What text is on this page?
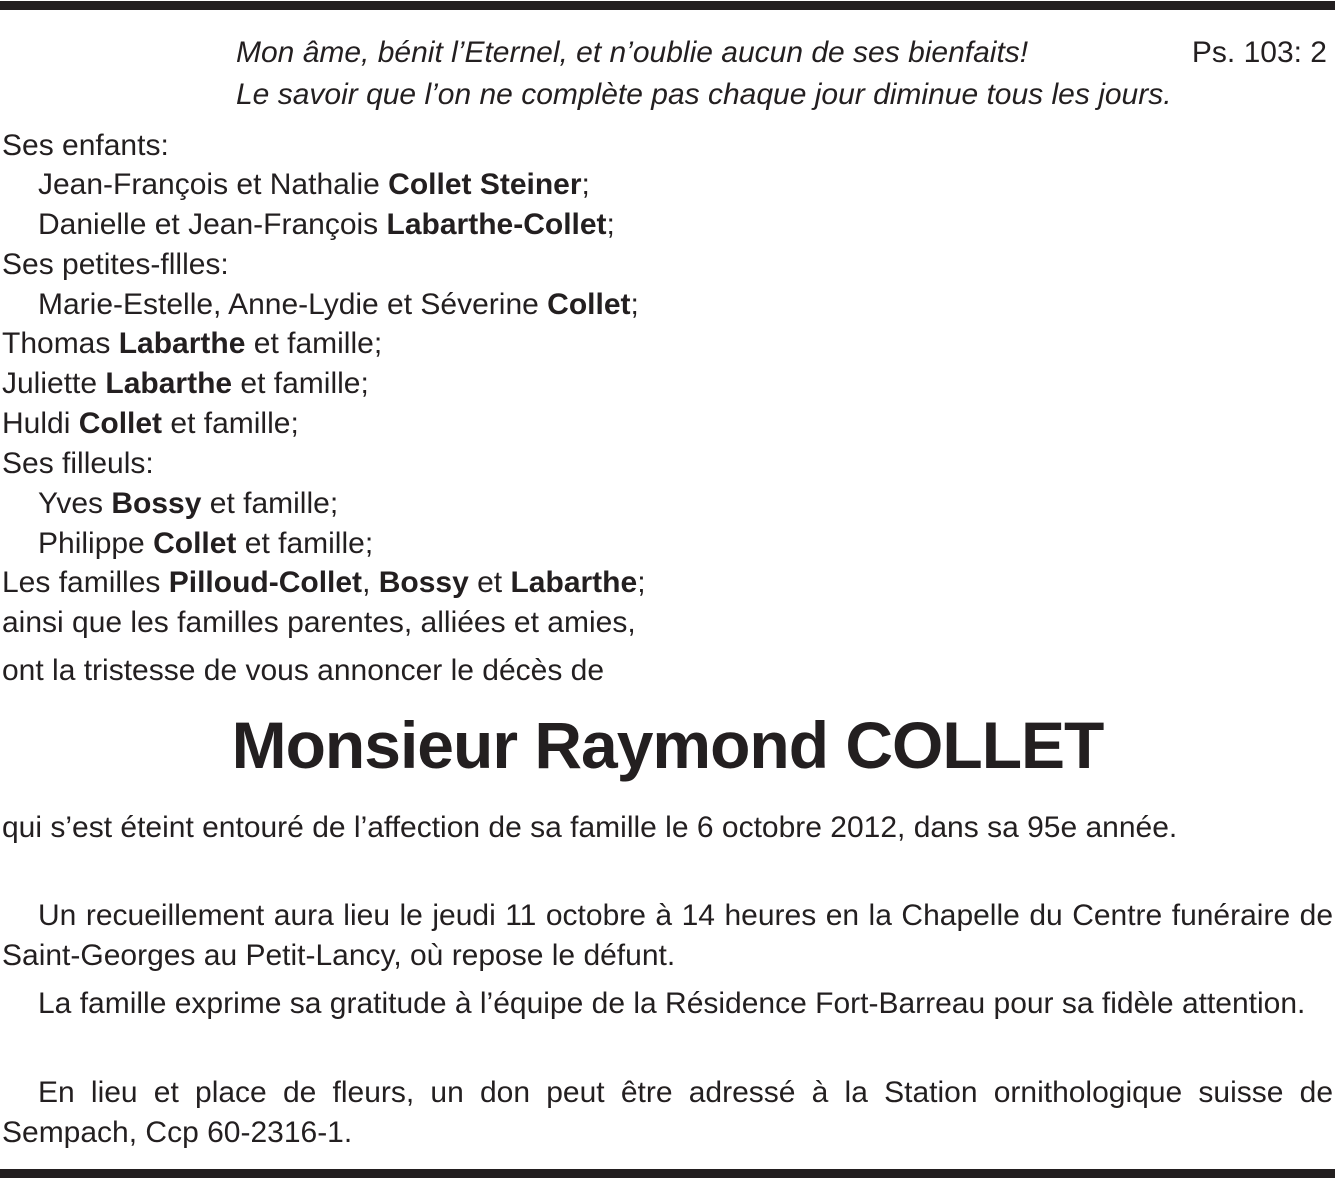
Mon âme, bénit l’Eternel, et n’oublie aucun de ses bienfaits!	Ps. 103: 2
Le savoir que l’on ne complète pas chaque jour diminue tous les jours.
Ses enfants:
Jean-François et Nathalie Collet Steiner;
Danielle et Jean-François Labarthe-Collet;
Ses petites-fllles:
Marie-Estelle, Anne-Lydie et Séverine Collet;
Thomas Labarthe et famille;
Juliette Labarthe et famille;
Huldi Collet et famille;
Ses filleuls:
Yves Bossy et famille;
Philippe Collet et famille;
Les familles Pilloud-Collet, Bossy et Labarthe;
ainsi que les familles parentes, alliées et amies,
ont la tristesse de vous annoncer le décès de
Monsieur Raymond COLLET
qui s’est éteint entouré de l’affection de sa famille le 6 octobre 2012, dans sa 95e année.
Un recueillement aura lieu le jeudi 11 octobre à 14 heures en la Chapelle du Centre funéraire de Saint-Georges au Petit-Lancy, où repose le défunt.
La famille exprime sa gratitude à l’équipe de la Résidence Fort-Barreau pour sa fidèle attention.
En lieu et place de fleurs, un don peut être adressé à la Station ornithologique suisse de Sempach, Ccp 60-2316-1.
